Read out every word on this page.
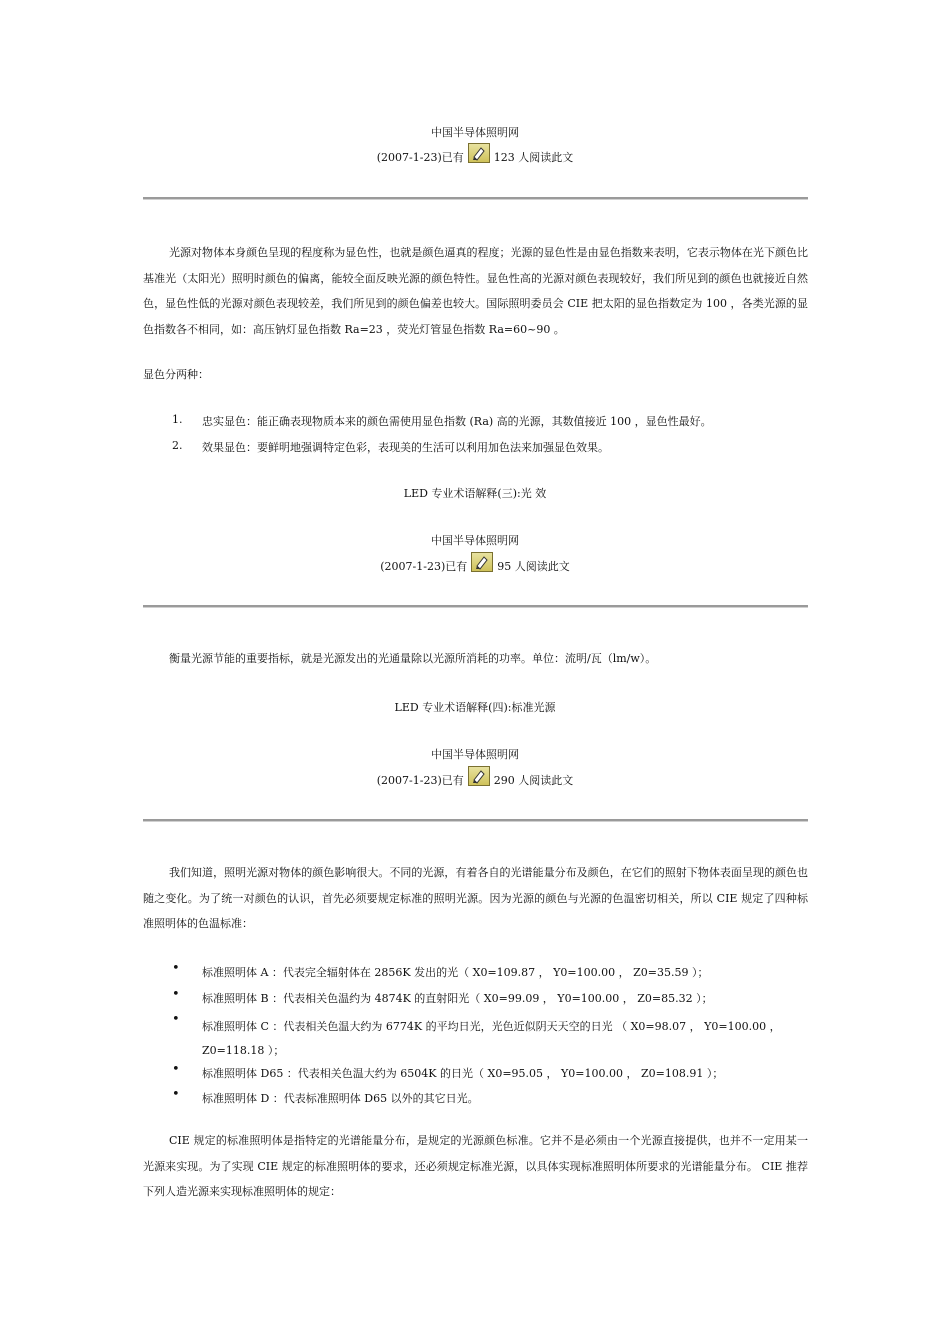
中国半导体照明网
(2007-1-23)已有	123 人阅读此文
光源对物体本身颜色呈现的程度称为显色性，也就是颜色逼真的程度；光源的显色性是由显色指数来表明，它表示物体在光下颜色比基准光（太阳光）照明时颜色的偏离，能较全面反映光源的颜色特性。显色性高的光源对颜色表现较好，我们所见到的颜色也就接近自然色，显色性低的光源对颜色表现较差，我们所见到的颜色偏差也较大。国际照明委员会 CIE 把太阳的显色指数定为 100 ，各类光源的显色指数各不相同，如：高压钠灯显色指数 Ra=23 ，荧光灯管显色指数 Ra=60~90 。
显色分两种：
1. 忠实显色：能正确表现物质本来的颜色需使用显色指数 (Ra) 高的光源，其数值接近 100 ，显色性最好。
2. 效果显色：要鲜明地强调特定色彩，表现美的生活可以利用加色法来加强显色效果。
LED 专业术语解释(三):光 效
中国半导体照明网
(2007-1-23)已有	95 人阅读此文
衡量光源节能的重要指标，就是光源发出的光通量除以光源所消耗的功率。单位：流明/瓦（lm/w）。
LED 专业术语解释(四):标准光源
中国半导体照明网
(2007-1-23)已有	290 人阅读此文
我们知道，照明光源对物体的颜色影响很大。不同的光源，有着各自的光谱能量分布及颜色，在它们的照射下物体表面呈现的颜色也随之变化。为了统一对颜色的认识，首先必须要规定标准的照明光源。因为光源的颜色与光源的色温密切相关，所以 CIE 规定了四种标准照明体的色温标准：
• 标准照明体 A ：代表完全辐射体在 2856K 发出的光（ X0=109.87 ， Y0=100.00 ， Z0=35.59 ）；
• 标准照明体 B ：代表相关色温约为 4874K 的直射阳光（ X0=99.09 ， Y0=100.00 ， Z0=85.32 ）；
• 标准照明体 C ：代表相关色温大约为 6774K 的平均日光，光色近似阴天天空的日光 （ X0=98.07 ， Y0=100.00 ， Z0=118.18 ）；
• 标准照明体 D65 ：代表相关色温大约为 6504K 的日光（ X0=95.05 ， Y0=100.00 ， Z0=108.91 ）；
• 标准照明体 D ：代表标准照明体 D65 以外的其它日光。
CIE 规定的标准照明体是指特定的光谱能量分布，是规定的光源颜色标准。它并不是必须由一个光源直接提供，也并不一定用某一光源来实现。为了实现 CIE 规定的标准照明体的要求，还必须规定标准光源，以具体实现标准照明体所要求的光谱能量分布。 CIE 推荐下列人造光源来实现标准照明体的规定：
